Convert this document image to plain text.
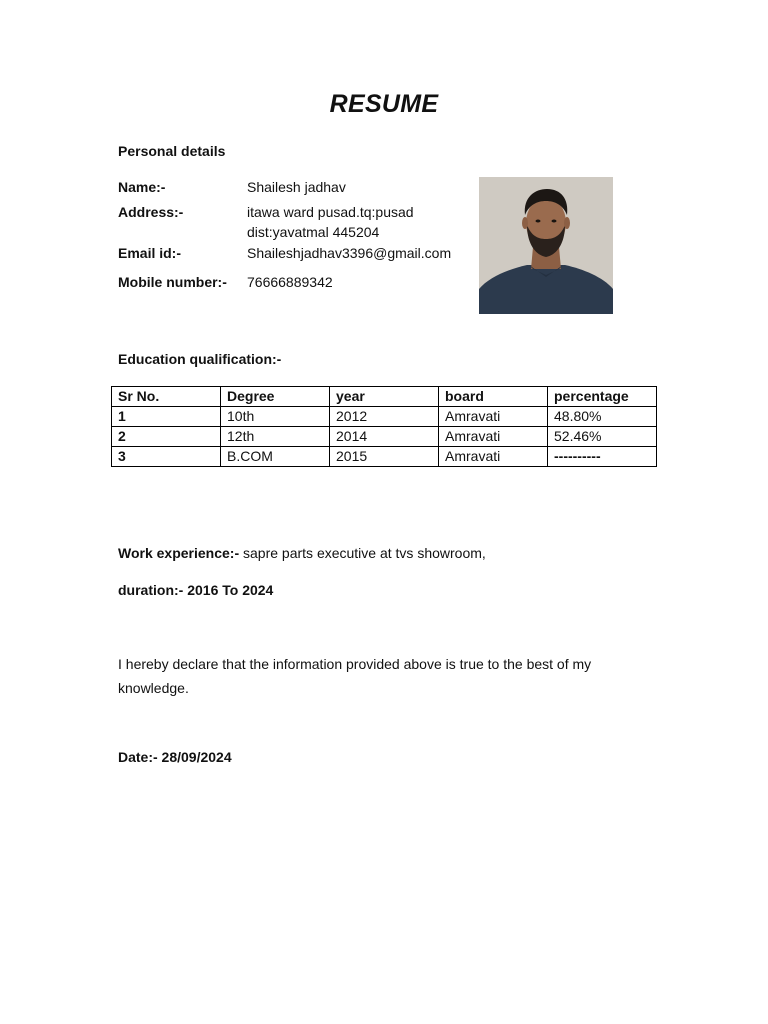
RESUME
Personal details
Name:-	Shailesh jadhav
Address:-	itawa ward pusad.tq:pusad
dist:yavatmal 445204
Email id:-	Shaileshjadhav3396@gmail.com
Mobile number:- 76666889342
Education qualification:-
Sr No.	Degree	year	board	percentage
1	10th	2012	Amravati	48.80%
2	12th	2014	Amravati	52.46%
3	B.COM	2015	Amravati	----------
Work experience:- sapre parts executive at tvs showroom,
duration:- 2016 To 2024
I hereby declare that the information provided above is true to the best of my knowledge.
Date:- 28/09/2024
